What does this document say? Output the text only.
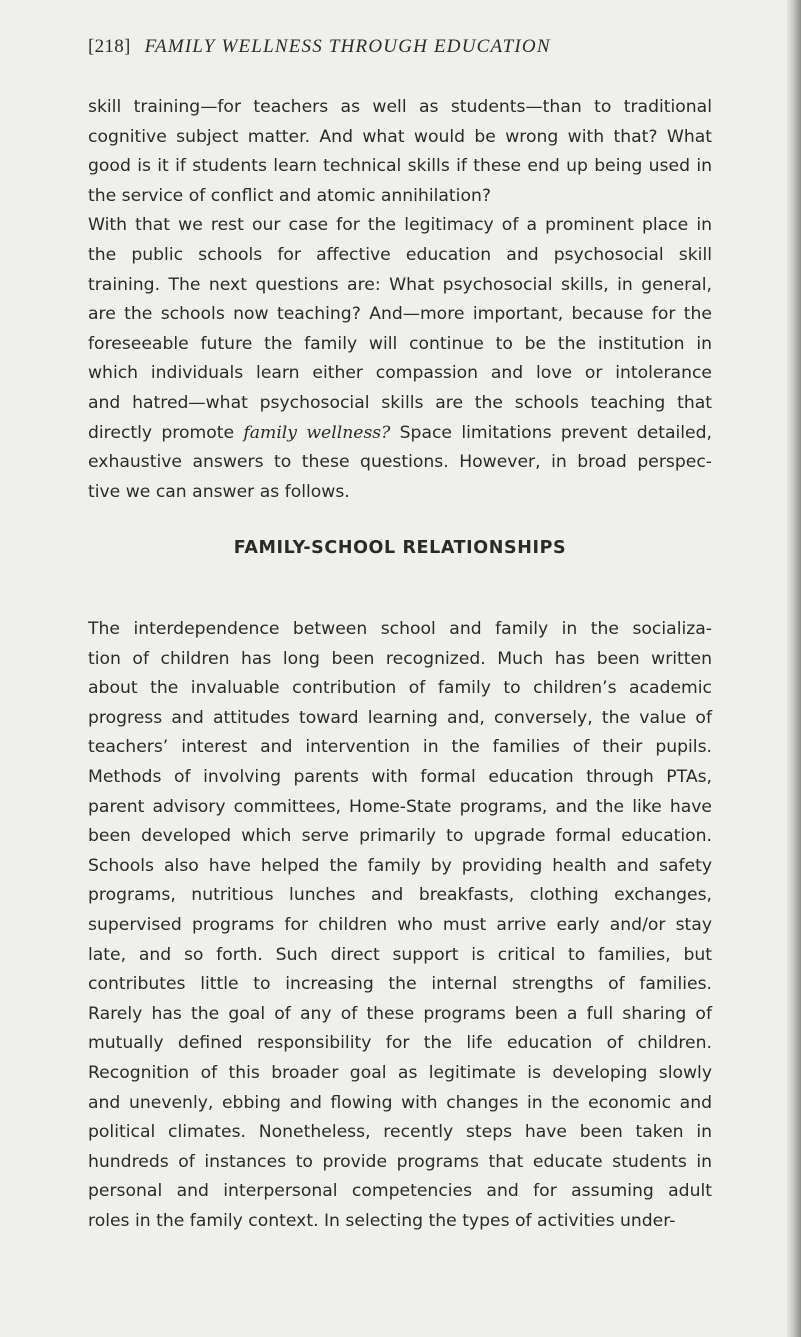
[218] FAMILY WELLNESS THROUGH EDUCATION
skill training—for teachers as well as students—than to traditional
cognitive subject matter. And what would be wrong with that? What
good is it if students learn technical skills if these end up being used in
the service of conflict and atomic annihilation?
With that we rest our case for the legitimacy of a prominent place in
the public schools for affective education and psychosocial skill
training. The next questions are: What psychosocial skills, in general,
are the schools now teaching? And—more important, because for the
foreseeable future the family will continue to be the institution in
which individuals learn either compassion and love or intolerance
and hatred—what psychosocial skills are the schools teaching that
directly promote family wellness? Space limitations prevent detailed,
exhaustive answers to these questions. However, in broad perspec-
tive we can answer as follows.
FAMILY-SCHOOL RELATIONSHIPS
The interdependence between school and family in the socializa-
tion of children has long been recognized. Much has been written
about the invaluable contribution of family to children’s academic
progress and attitudes toward learning and, conversely, the value of
teachers’ interest and intervention in the families of their pupils.
Methods of involving parents with formal education through PTAs,
parent advisory committees, Home-State programs, and the like have
been developed which serve primarily to upgrade formal education.
Schools also have helped the family by providing health and safety
programs, nutritious lunches and breakfasts, clothing exchanges,
supervised programs for children who must arrive early and/or stay
late, and so forth. Such direct support is critical to families, but
contributes little to increasing the internal strengths of families.
Rarely has the goal of any of these programs been a full sharing of
mutually defined responsibility for the life education of children.
Recognition of this broader goal as legitimate is developing slowly
and unevenly, ebbing and flowing with changes in the economic and
political climates. Nonetheless, recently steps have been taken in
hundreds of instances to provide programs that educate students in
personal and interpersonal competencies and for assuming adult
roles in the family context. In selecting the types of activities under-
